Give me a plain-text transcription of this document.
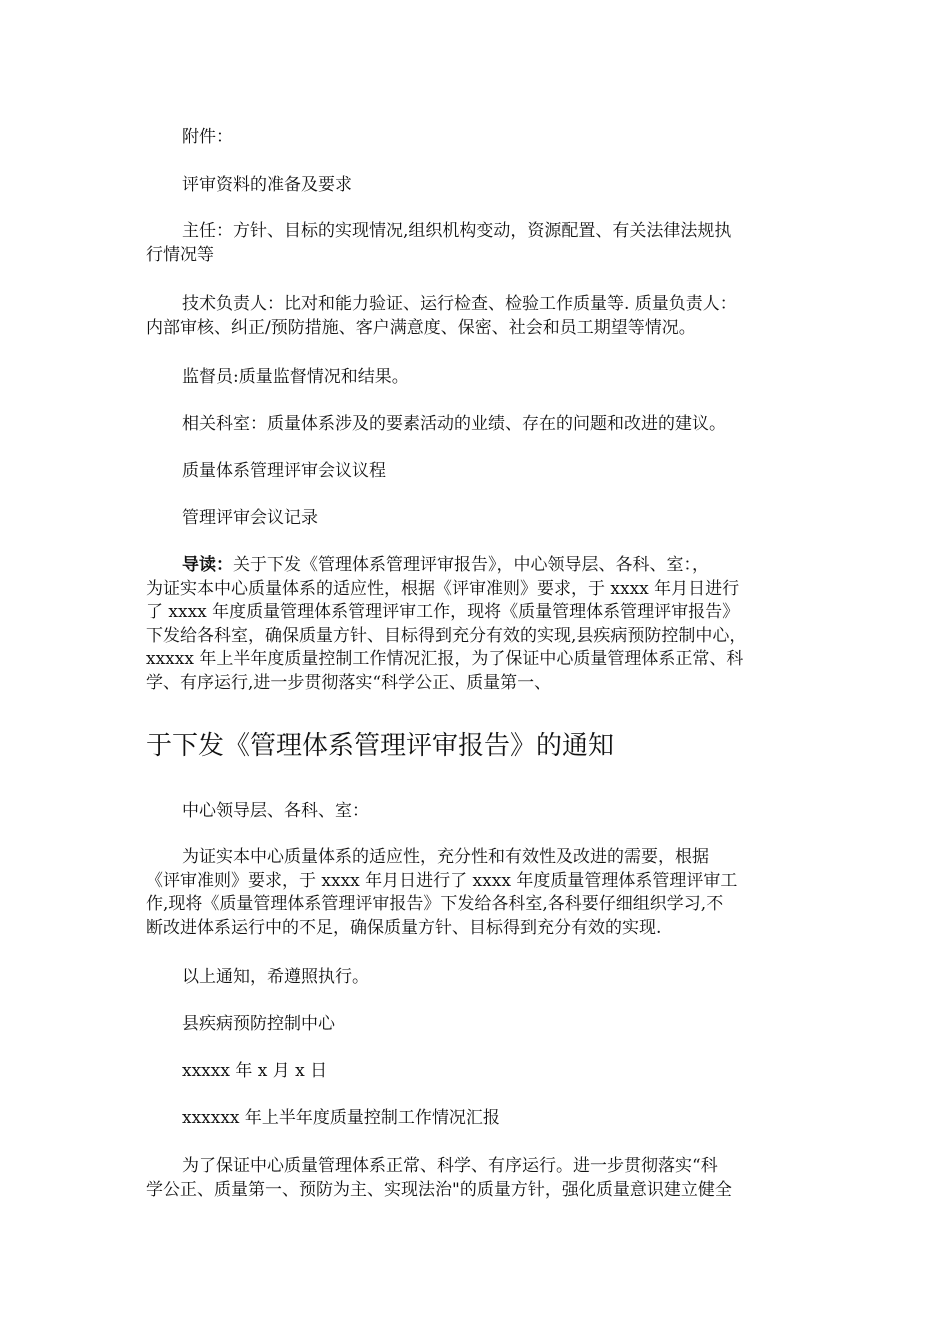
附件：

评审资料的准备及要求

主任：方针、目标的实现情况,组织机构变动，资源配置、有关法律法规执
行情况等

技术负责人：比对和能力验证、运行检查、检验工作质量等. 质量负责人：
内部审核、纠正/预防措施、客户满意度、保密、社会和员工期望等情况。

监督员:质量监督情况和结果。

相关科室：质量体系涉及的要素活动的业绩、存在的问题和改进的建议。

质量体系管理评审会议议程

管理评审会议记录

导读：关于下发《管理体系管理评审报告》，中心领导层、各科、室：，
为证实本中心质量体系的适应性，根据《评审准则》要求，于 xxxx 年月日进行
了 xxxx 年度质量管理体系管理评审工作，现将《质量管理体系管理评审报告》
下发给各科室，确保质量方针、目标得到充分有效的实现,县疾病预防控制中心，
xxxxx 年上半年度质量控制工作情况汇报，为了保证中心质量管理体系正常、科
学、有序运行,进一步贯彻落实“科学公正、质量第一、

于下发《管理体系管理评审报告》的通知

中心领导层、各科、室：

为证实本中心质量体系的适应性，充分性和有效性及改进的需要，根据
《评审准则》要求，于 xxxx 年月日进行了 xxxx 年度质量管理体系管理评审工
作,现将《质量管理体系管理评审报告》下发给各科室,各科要仔细组织学习,不
断改进体系运行中的不足，确保质量方针、目标得到充分有效的实现.

以上通知，希遵照执行。

县疾病预防控制中心

xxxxx 年 x 月 x 日

xxxxxx 年上半年度质量控制工作情况汇报

为了保证中心质量管理体系正常、科学、有序运行。进一步贯彻落实“科
学公正、质量第一、预防为主、实现法治"的质量方针，强化质量意识建立健全
